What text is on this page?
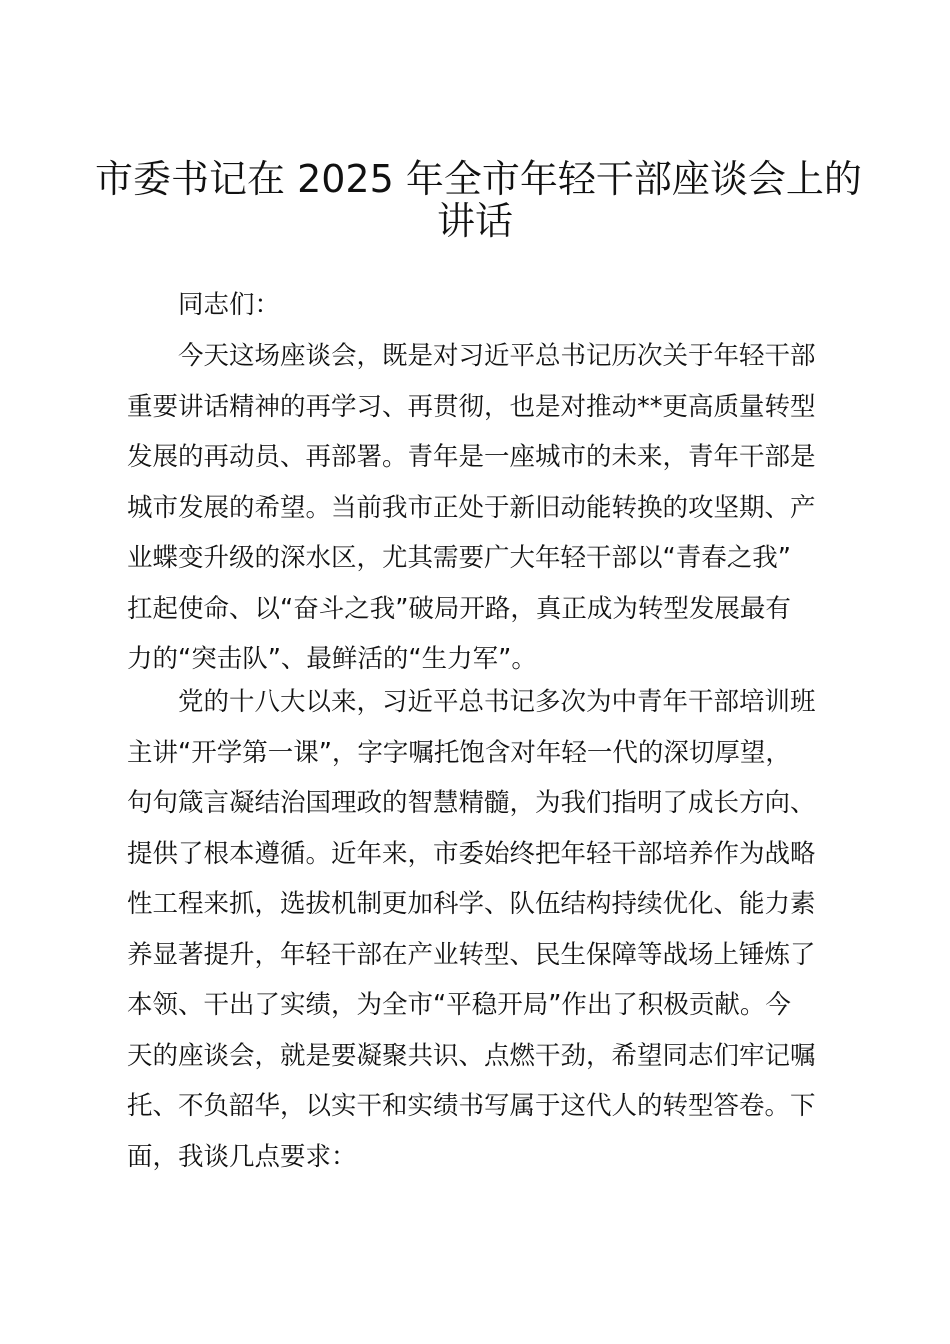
市委书记在 2025 年全市年轻干部座谈会上的
讲话

同志们：

今天这场座谈会，既是对习近平总书记历次关于年轻干部
重要讲话精神的再学习、再贯彻，也是对推动**更高质量转型
发展的再动员、再部署。青年是一座城市的未来，青年干部是
城市发展的希望。当前我市正处于新旧动能转换的攻坚期、产
业蝶变升级的深水区，尤其需要广大年轻干部以“青春之我”
扛起使命、以“奋斗之我”破局开路，真正成为转型发展最有
力的“突击队”、最鲜活的“生力军”。

党的十八大以来，习近平总书记多次为中青年干部培训班
主讲“开学第一课”，字字嘱托饱含对年轻一代的深切厚望，
句句箴言凝结治国理政的智慧精髓，为我们指明了成长方向、
提供了根本遵循。近年来，市委始终把年轻干部培养作为战略
性工程来抓，选拔机制更加科学、队伍结构持续优化、能力素
养显著提升，年轻干部在产业转型、民生保障等战场上锤炼了
本领、干出了实绩，为全市“平稳开局”作出了积极贡献。今
天的座谈会，就是要凝聚共识、点燃干劲，希望同志们牢记嘱
托、不负韶华，以实干和实绩书写属于这代人的转型答卷。下
面，我谈几点要求：
